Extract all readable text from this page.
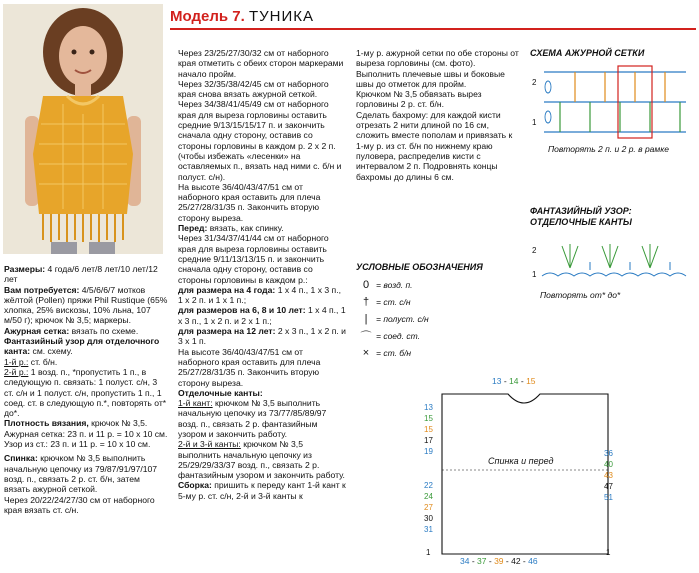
Модель 7. ТУНИКА

Размеры: 4 года/6 лет/8 лет/10 лет/12 лет

Вам потребуется: 4/5/6/6/7 мотков жёлтой (Pollen) пряжи Phil Rustique (65% хлопка, 25% вискозы, 10% льна, 107 м/50 г); крючок № 3,5; маркеры.

Ажурная сетка: вязать по схеме.

Фантазийный узор для отделочного канта: см. схему.

1-й р.: ст. б/н.

2-й р.: 1 возд. п., *пропустить 1 п., в следующую п. связать: 1 полуст. с/н, 3 ст. с/н и 1 полуст. с/н, пропустить 1 п., 1 соед. ст. в следующую п.*, повторять от* до*.

Плотность вязания, крючок № 3,5. Ажурная сетка: 23 п. и 11 р. = 10 х 10 см. Узор из ст.: 23 п. и 11 р. = 10 х 10 см.

Спинка: крючком № 3,5 выполнить начальную цепочку из 79/87/91/97/107 возд. п., связать 2 р. ст. б/н, затем вязать ажурной сеткой.

Через 20/22/24/27/30 см от наборного края вязать ст. с/н.

Через 23/25/27/30/32 см от наборного края отметить с обеих сторон маркерами начало пройм.

Через 32/35/38/42/45 см от наборного края снова вязать ажурной сеткой.

Через 34/38/41/45/49 см от наборного края для выреза горловины оставить средние 9/13/15/15/17 п. и закончить сначала одну сторону, оставив со стороны горловины в каждом р. 2 х 2 п. (чтобы избежать «лесенки» на оставляемых п., вязать над ними с. б/н и полуст. с/н).

На высоте 36/40/43/47/51 см от наборного края оставить для плеча 25/27/28/31/35 п. Закончить вторую сторону выреза.

Перед: вязать, как спинку.

Через 31/34/37/41/44 см от наборного края для выреза горловины оставить средние 9/11/13/13/15 п. и закончить сначала одну сторону, оставив со стороны горловины в каждом р.:

для размера на 4 года: 1 х 4 п., 1 х 3 п., 1 х 2 п. и 1 х 1 п.;

для размеров на 6, 8 и 10 лет: 1 х 4 п., 1 х 3 п., 1 х 2 п. и 2 х 1 п.;

для размера на 12 лет: 2 х 3 п., 1 х 2 п. и 3 х 1 п.

На высоте 36/40/43/47/51 см от наборного края оставить для плеча 25/27/28/31/35 п. Закончить вторую сторону выреза.

Отделочные канты:

1-й кант: крючком № 3,5 выполнить начальную цепочку из 73/77/85/89/97 возд. п., связать 2 р. фантазийным узором и закончить работу.

2-й и 3-й канты: крючком № 3,5 выполнить начальную цепочку из 25/29/29/33/37 возд. п., связать 2 р. фантазийным узором и закончить работу.

Сборка: пришить к переду кант 1-й кант к 5-му р. ст. с/н, 2-й и 3-й канты к

1-му р. ажурной сетки по обе стороны от выреза горловины (см. фото).

Выполнить плечевые швы и боковые швы до отметок для пройм.

Крючком № 3,5 обвязать вырез горловины 2 р. ст. б/н.

Сделать бахрому: для каждой кисти отрезать 2 нити длиной по 16 см, сложить вместе пополам и привязать к 1-му р. из ст. б/н по нижнему краю пуловера, распределив кисти с интервалом 2 п. Подровнять концы бахромы до длины 6 см.

УСЛОВНЫЕ ОБОЗНАЧЕНИЯ
0 = возд. п.
† = ст. с/н
|	= полуст. с/н
⌒ = соед. ст.
× = ст. б/н
СХЕМА АЖУРНОЙ СЕТКИ
2
1
Повторять 2 п. и 2 р. в рамке
ФАНТАЗИЙНЫЙ УЗОР:
ОТДЕЛОЧНЫЕ КАНТЫ
2
1
Повторять от* до*
Спинка и перед
13 - 14 - 15
13
15
15
17
19
22
24
27
30
31
1
36
40
43
47
51
1
34 - 37 - 39 - 42 - 46
